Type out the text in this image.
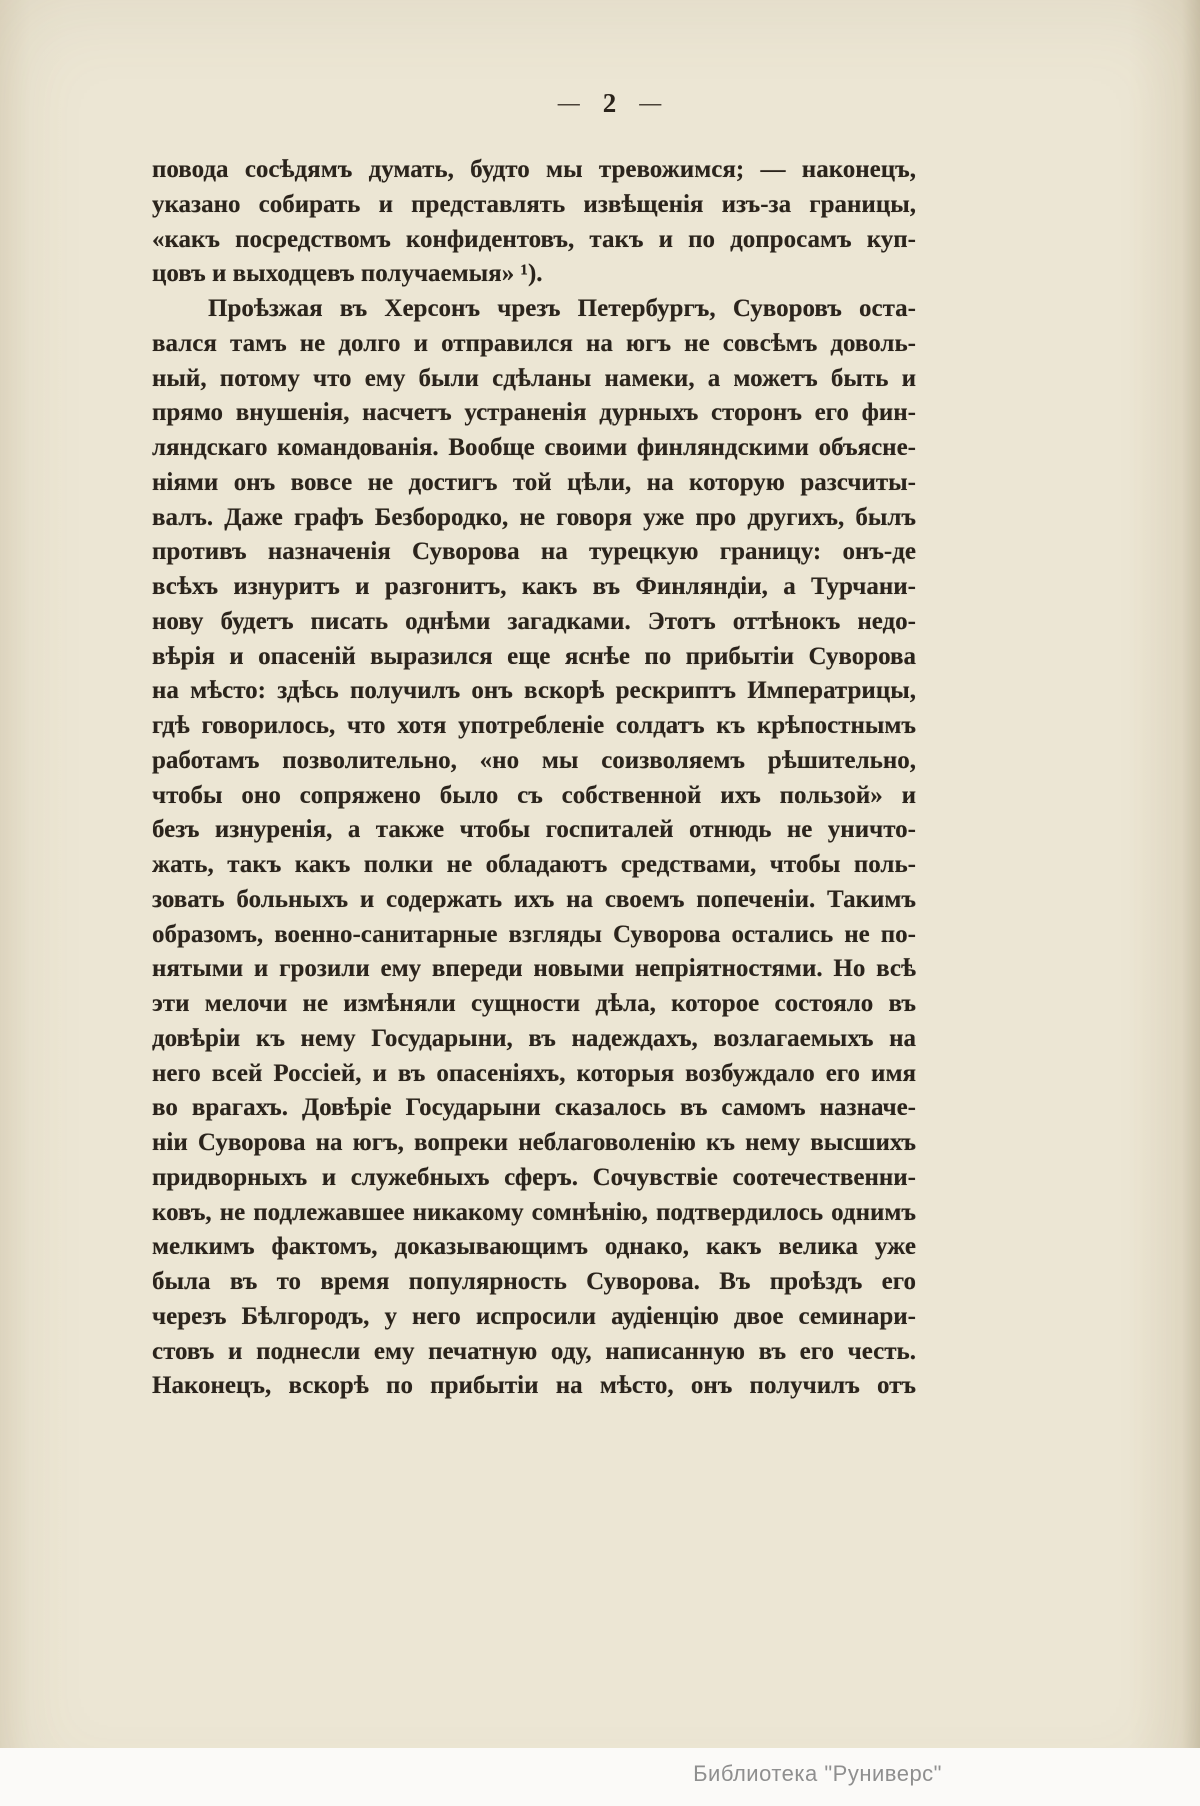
— 2 —
повода сосѣдямъ думать, будто мы тревожимся; — наконецъ,
указано собирать и представлять извѣщенія изъ-за границы,
«какъ посредствомъ конфидентовъ, такъ и по допросамъ куп-
цовъ и выходцевъ получаемыя» ¹).
Проѣзжая въ Херсонъ чрезъ Петербургъ, Суворовъ оста-
вался тамъ не долго и отправился на югъ не совсѣмъ доволь-
ный, потому что ему были сдѣланы намеки, а можетъ быть и
прямо внушенія, насчетъ устраненія дурныхъ сторонъ его фин-
ляндскаго командованія. Вообще своими финляндскими объясне-
ніями онъ вовсе не достигъ той цѣли, на которую разсчиты-
валъ. Даже графъ Безбородко, не говоря уже про другихъ, былъ
противъ назначенія Суворова на турецкую границу: онъ-де
всѣхъ изнуритъ и разгонитъ, какъ въ Финляндіи, а Турчани-
нову будетъ писать однѣми загадками. Этотъ оттѣнокъ недо-
вѣрія и опасеній выразился еще яснѣе по прибытіи Суворова
на мѣсто: здѣсь получилъ онъ вскорѣ рескриптъ Императрицы,
гдѣ говорилось, что хотя употребленіе солдатъ къ крѣпостнымъ
работамъ позволительно, «но мы соизволяемъ рѣшительно,
чтобы оно сопряжено было съ собственной ихъ пользой» и
безъ изнуренія, а также чтобы госпиталей отнюдь не уничто-
жать, такъ какъ полки не обладаютъ средствами, чтобы поль-
зовать больныхъ и содержать ихъ на своемъ попеченіи. Такимъ
образомъ, военно-санитарные взгляды Суворова остались не по-
нятыми и грозили ему впереди новыми непріятностями. Но всѣ
эти мелочи не измѣняли сущности дѣла, которое состояло въ
довѣріи къ нему Государыни, въ надеждахъ, возлагаемыхъ на
него всей Россіей, и въ опасеніяхъ, которыя возбуждало его имя
во врагахъ. Довѣріе Государыни сказалось въ самомъ назначе-
ніи Суворова на югъ, вопреки неблаговоленію къ нему высшихъ
придворныхъ и служебныхъ сферъ. Сочувствіе соотечественни-
ковъ, не подлежавшее никакому сомнѣнію, подтвердилось однимъ
мелкимъ фактомъ, доказывающимъ однако, какъ велика уже
была въ то время популярность Суворова. Въ проѣздъ его
черезъ Бѣлгородъ, у него испросили аудіенцію двое семинари-
стовъ и поднесли ему печатную оду, написанную въ его честь.
Наконецъ, вскорѣ по прибытіи на мѣсто, онъ получилъ отъ
Библиотека "Руниверс"
